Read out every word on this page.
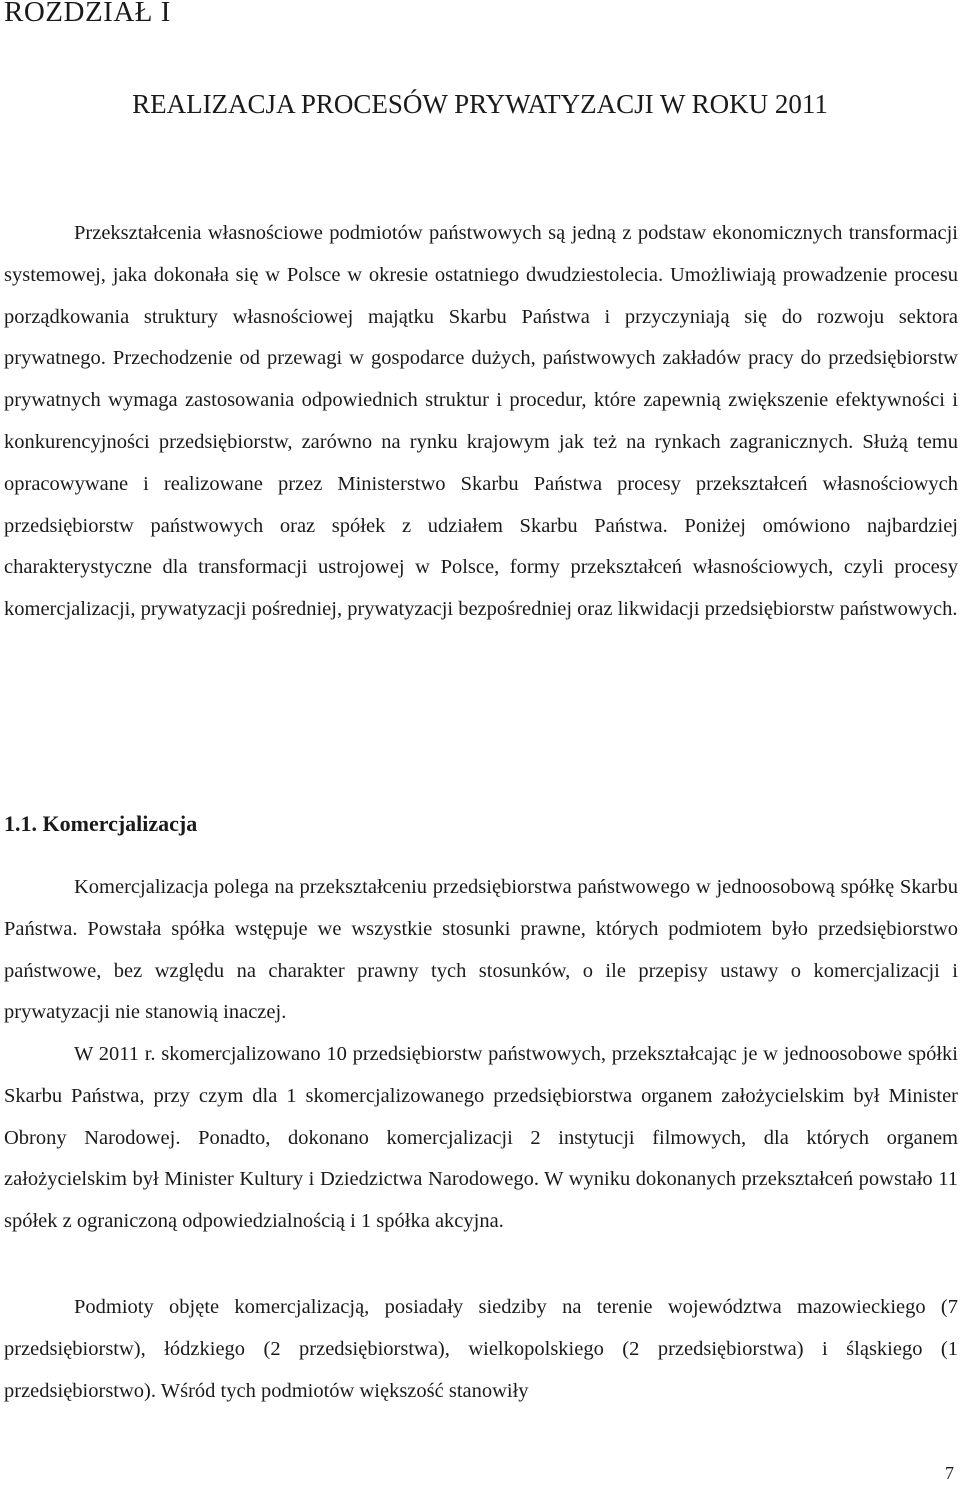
ROZDZIAŁ I
REALIZACJA PROCESÓW PRYWATYZACJI W ROKU 2011

Przekształcenia własnościowe podmiotów państwowych są jedną z podstaw ekonomicznych transformacji systemowej, jaka dokonała się w Polsce w okresie ostatniego dwudziestolecia. Umożliwiają prowadzenie procesu porządkowania struktury własnościowej majątku Skarbu Państwa i przyczyniają się do rozwoju sektora prywatnego. Przechodzenie od przewagi w gospodarce dużych, państwowych zakładów pracy do przedsiębiorstw prywatnych wymaga zastosowania odpowiednich struktur i procedur, które zapewnią zwiększenie efektywności i konkurencyjności przedsiębiorstw, zarówno na rynku krajowym jak też na rynkach zagranicznych. Służą temu opracowywane i realizowane przez Ministerstwo Skarbu Państwa procesy przekształceń własnościowych przedsiębiorstw państwowych oraz spółek z udziałem Skarbu Państwa. Poniżej omówiono najbardziej charakterystyczne dla transformacji ustrojowej w Polsce, formy przekształceń własnościowych, czyli procesy komercjalizacji, prywatyzacji pośredniej, prywatyzacji bezpośredniej oraz likwidacji przedsiębiorstw państwowych.

1.1. Komercjalizacja

Komercjalizacja polega na przekształceniu przedsiębiorstwa państwowego w jednoosobową spółkę Skarbu Państwa. Powstała spółka wstępuje we wszystkie stosunki prawne, których podmiotem było przedsiębiorstwo państwowe, bez względu na charakter prawny tych stosunków, o ile przepisy ustawy o komercjalizacji i prywatyzacji nie stanowią inaczej.

W 2011 r. skomercjalizowano 10 przedsiębiorstw państwowych, przekształcając je w jednoosobowe spółki Skarbu Państwa, przy czym dla 1 skomercjalizowanego przedsiębiorstwa organem założycielskim był Minister Obrony Narodowej. Ponadto, dokonano komercjalizacji 2 instytucji filmowych, dla których organem założycielskim był Minister Kultury i Dziedzictwa Narodowego. W wyniku dokonanych przekształceń powstało 11 spółek z ograniczoną odpowiedzialnością i 1 spółka akcyjna.

Podmioty objęte komercjalizacją, posiadały siedziby na terenie województwa mazowieckiego (7 przedsiębiorstw), łódzkiego (2 przedsiębiorstwa), wielkopolskiego (2 przedsiębiorstwa) i śląskiego (1 przedsiębiorstwo). Wśród tych podmiotów większość stanowiły

7
